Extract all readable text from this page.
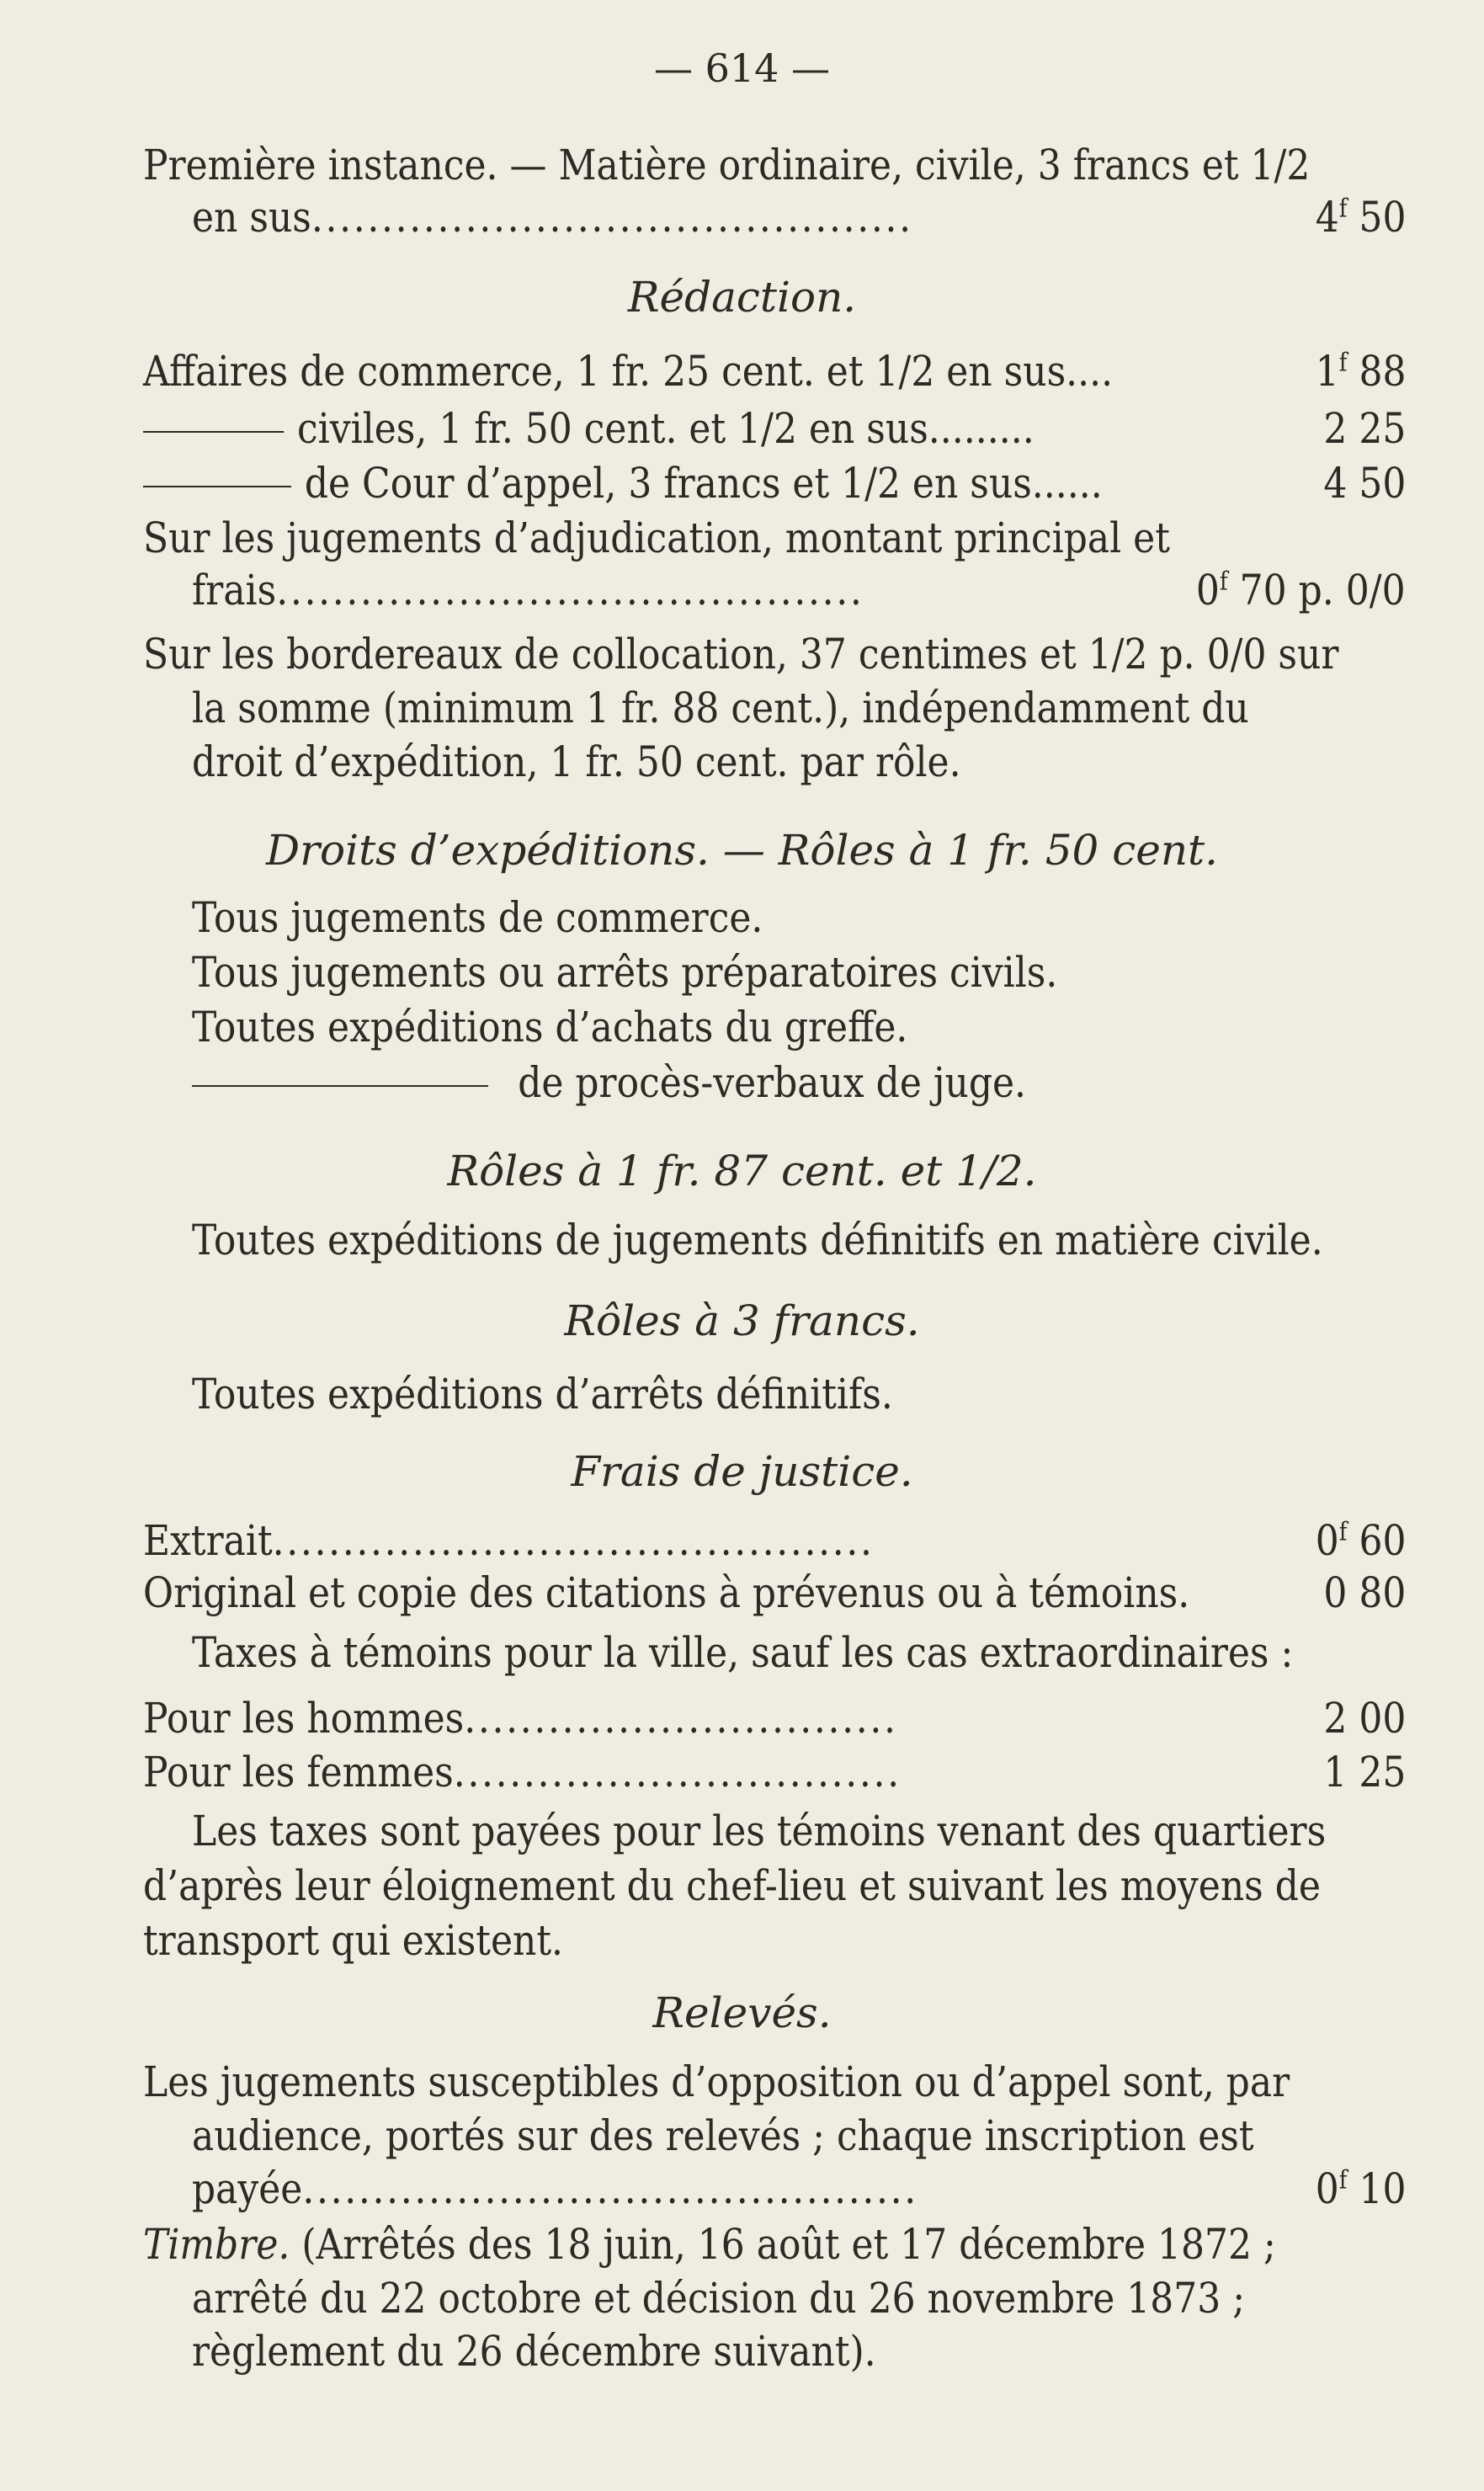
— 614 —
Première instance. — Matière ordinaire, civile, 3 francs et 1/2
en sus...........................................	4$^f$ 50
Rédaction.
Affaires de commerce, 1 fr. 25 cent. et 1/2 en sus....	1$^f$ 88
civiles, 1 fr. 50 cent. et 1/2 en sus.........	2 25
de Cour d’appel, 3 francs et 1/2 en sus......	4 50
Sur les jugements d’adjudication, montant principal et
frais..........................................	0$^f$ 70 p. 0/0
Sur les bordereaux de collocation, 37 centimes et 1/2 p. 0/0 sur
la somme (minimum 1 fr. 88 cent.), indépendamment du
droit d’expédition, 1 fr. 50 cent. par rôle.
Droits d’expéditions. — Rôles à 1 fr. 50 cent.
Tous jugements de commerce.
Tous jugements ou arrêts préparatoires civils.
Toutes expéditions d’achats du greffe.
de procès-verbaux de juge.
Rôles à 1 fr. 87 cent. et 1/2.
Toutes expéditions de jugements définitifs en matière civile.
Rôles à 3 francs.
Toutes expéditions d’arrêts définitifs.
Frais de justice.
Extrait...........................................	0$^f$ 60
Original et copie des citations à prévenus ou à témoins.	0 80
Taxes à témoins pour la ville, sauf les cas extraordinaires :
Pour les hommes...............................	2 00
Pour les femmes................................	1 25
Les taxes sont payées pour les témoins venant des quartiers
d’après leur éloignement du chef-lieu et suivant les moyens de
transport qui existent.
Relevés.
Les jugements susceptibles d’opposition ou d’appel sont, par
audience, portés sur des relevés ; chaque inscription est
payée............................................	0$^f$ 10
Timbre. (Arrêtés des 18 juin, 16 août et 17 décembre 1872 ;
arrêté du 22 octobre et décision du 26 novembre 1873 ;
règlement du 26 décembre suivant).
